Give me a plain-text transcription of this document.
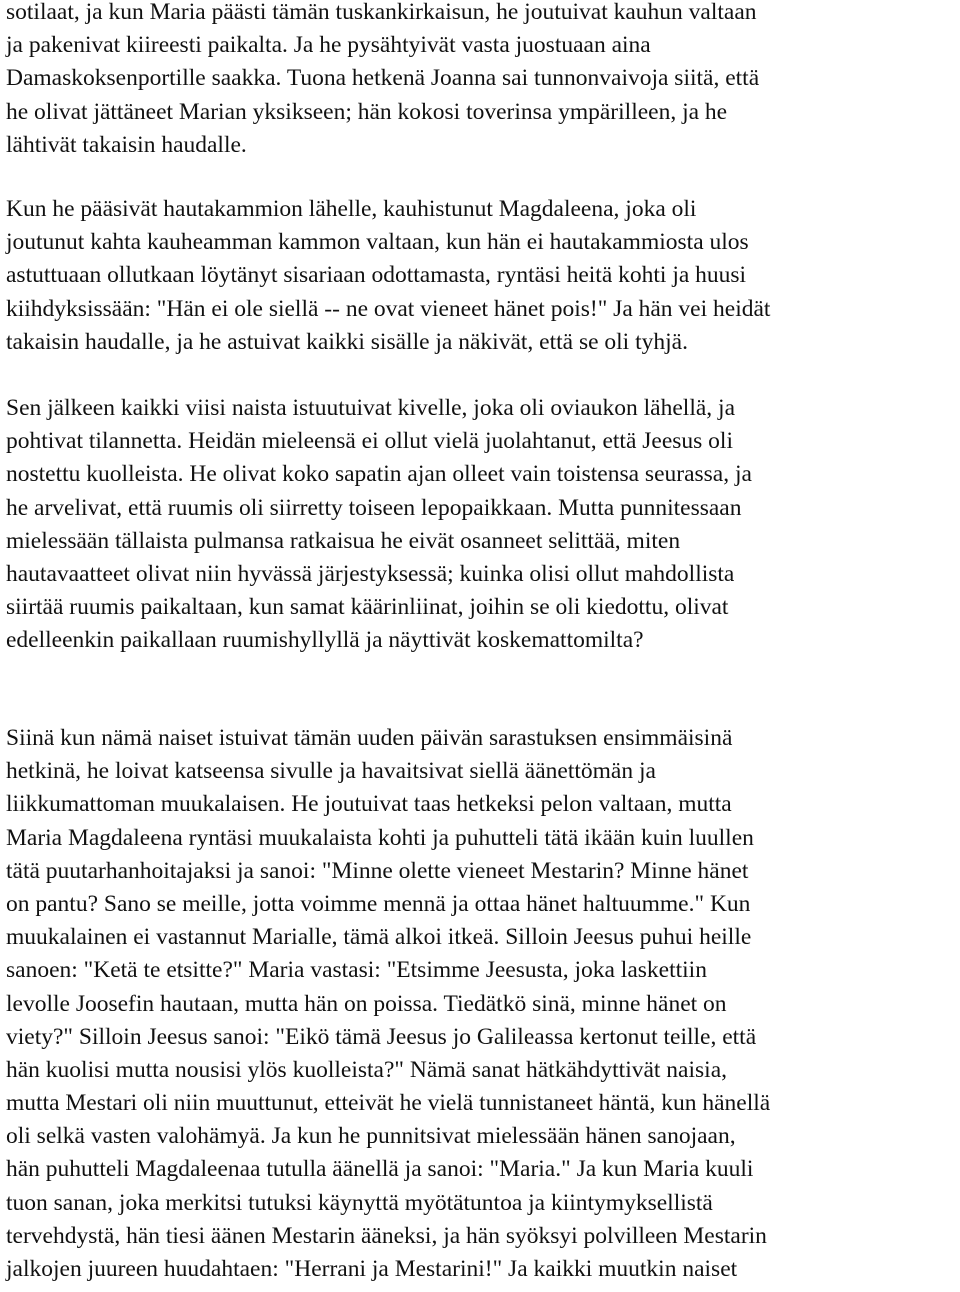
sotilaat, ja kun Maria päästi tämän tuskankirkaisun, he joutuivat kauhun valtaan
ja pakenivat kiireesti paikalta. Ja he pysähtyivät vasta juostuaan aina
Damaskoksenportille saakka. Tuona hetkenä Joanna sai tunnonvaivoja siitä, että
he olivat jättäneet Marian yksikseen; hän kokosi toverinsa ympärilleen, ja he
lähtivät takaisin haudalle.

Kun he pääsivät hautakammion lähelle, kauhistunut Magdaleena, joka oli
joutunut kahta kauheamman kammon valtaan, kun hän ei hautakammiosta ulos
astuttuaan ollutkaan löytänyt sisariaan odottamasta, ryntäsi heitä kohti ja huusi
kiihdyksissään: "Hän ei ole siellä -- ne ovat vieneet hänet pois!" Ja hän vei heidät
takaisin haudalle, ja he astuivat kaikki sisälle ja näkivät, että se oli tyhjä.

Sen jälkeen kaikki viisi naista istuutuivat kivelle, joka oli oviaukon lähellä, ja
pohtivat tilannetta. Heidän mieleensä ei ollut vielä juolahtanut, että Jeesus oli
nostettu kuolleista. He olivat koko sapatin ajan olleet vain toistensa seurassa, ja
he arvelivat, että ruumis oli siirretty toiseen lepopaikkaan. Mutta punnitessaan
mielessään tällaista pulmansa ratkaisua he eivät osanneet selittää, miten
hautavaatteet olivat niin hyvässä järjestyksessä; kuinka olisi ollut mahdollista
siirtää ruumis paikaltaan, kun samat käärinliinat, joihin se oli kiedottu, olivat
edelleenkin paikallaan ruumishyllyllä ja näyttivät koskemattomilta?

Siinä kun nämä naiset istuivat tämän uuden päivän sarastuksen ensimmäisinä
hetkinä, he loivat katseensa sivulle ja havaitsivat siellä äänettömän ja
liikkumattoman muukalaisen. He joutuivat taas hetkeksi pelon valtaan, mutta
Maria Magdaleena ryntäsi muukalaista kohti ja puhutteli tätä ikään kuin luullen
tätä puutarhanhoitajaksi ja sanoi: "Minne olette vieneet Mestarin? Minne hänet
on pantu? Sano se meille, jotta voimme mennä ja ottaa hänet haltuumme." Kun
muukalainen ei vastannut Marialle, tämä alkoi itkeä. Silloin Jeesus puhui heille
sanoen: "Ketä te etsitte?" Maria vastasi: "Etsimme Jeesusta, joka laskettiin
levolle Joosefin hautaan, mutta hän on poissa. Tiedätkö sinä, minne hänet on
viety?" Silloin Jeesus sanoi: "Eikö tämä Jeesus jo Galileassa kertonut teille, että
hän kuolisi mutta nousisi ylös kuolleista?" Nämä sanat hätkähdyttivät naisia,
mutta Mestari oli niin muuttunut, etteivät he vielä tunnistaneet häntä, kun hänellä
oli selkä vasten valohämyä. Ja kun he punnitsivat mielessään hänen sanojaan,
hän puhutteli Magdaleenaa tutulla äänellä ja sanoi: "Maria." Ja kun Maria kuuli
tuon sanan, joka merkitsi tutuksi käynyttä myötätuntoa ja kiintymyksellistä
tervehdystä, hän tiesi äänen Mestarin ääneksi, ja hän syöksyi polvilleen Mestarin
jalkojen juureen huudahtaen: "Herrani ja Mestarini!" Ja kaikki muutkin naiset
